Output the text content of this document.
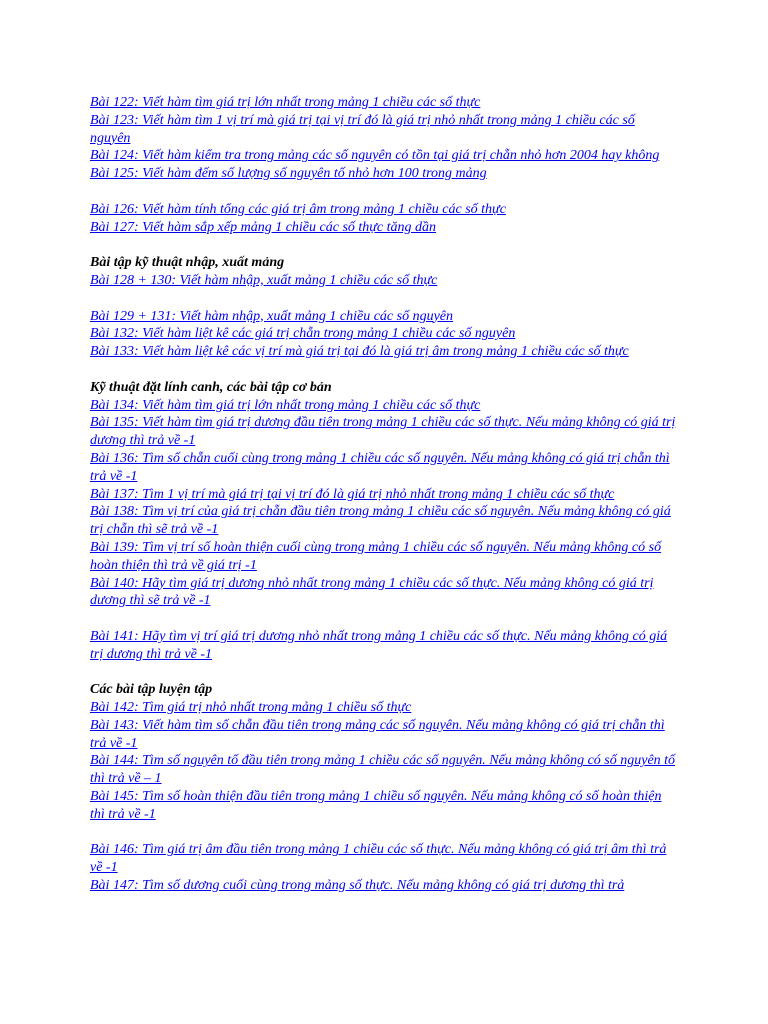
Bài 122: Viết hàm tìm giá trị lớn nhất trong mảng 1 chiều các số thực
Bài 123: Viết hàm tìm 1 vị trí mà giá trị tại vị trí đó là giá trị nhỏ nhất trong mảng 1 chiều các số nguyên
Bài 124: Viết hàm kiểm tra trong mảng các số nguyên có tồn tại giá trị chẵn nhỏ hơn 2004 hay không
Bài 125: Viết hàm đếm số lượng số nguyên tố nhỏ hơn 100 trong mảng
Bài 126: Viết hàm tính tổng các giá trị âm trong mảng 1 chiều các số thực
Bài 127: Viết hàm sắp xếp mảng 1 chiều các số thực tăng dần
Bài tập kỹ thuật nhập, xuất mảng
Bài 128 + 130: Viết hàm nhập, xuất mảng 1 chiều các số thực
Bài 129 + 131: Viết hàm nhập, xuất mảng 1 chiều các số nguyên
Bài 132: Viết hàm liệt kê các giá trị chẵn trong mảng 1 chiều các số nguyên
Bài 133: Viết hàm liệt kê các vị trí mà giá trị tại đó là giá trị âm trong mảng 1 chiều các số thực
Kỹ thuật đặt lính canh, các bài tập cơ bản
Bài 134: Viết hàm tìm giá trị lớn nhất trong mảng 1 chiều các số thực
Bài 135: Viết hàm tìm giá trị dương đầu tiên trong mảng 1 chiều các số thực. Nếu mảng không có giá trị dương thì trả về -1
Bài 136: Tìm số chẵn cuối cùng trong mảng 1 chiều các số nguyên. Nếu mảng không có giá trị chẵn thì trả về -1
Bài 137: Tìm 1 vị trí mà giá trị tại vị trí đó là giá trị nhỏ nhất trong mảng 1 chiều các số thực
Bài 138: Tìm vị trí của giá trị chẵn đầu tiên trong mảng 1 chiều các số nguyên. Nếu mảng không có giá trị chẵn thì sẽ trả về -1
Bài 139: Tìm vị trí số hoàn thiện cuối cùng trong mảng 1 chiều các số nguyên. Nếu mảng không có số hoàn thiện thì trả về giá trị -1
Bài 140: Hãy tìm giá trị dương nhỏ nhất trong mảng 1 chiều các số thực. Nếu mảng không có giá trị dương thì sẽ trả về -1
Bài 141: Hãy tìm vị trí giá trị dương nhỏ nhất trong mảng 1 chiều các số thực. Nếu mảng không có giá trị dương thì trả về -1
Các bài tập luyện tập
Bài 142: Tìm giá trị nhỏ nhất trong mảng 1 chiều số thực
Bài 143: Viết hàm tìm số chẵn đầu tiên trong mảng các số nguyên. Nếu mảng không có giá trị chẵn thì trả về -1
Bài 144: Tìm số nguyên tố đầu tiên trong mảng 1 chiều các số nguyên. Nếu mảng không có số nguyên tố thì trả về – 1
Bài 145: Tìm số hoàn thiện đầu tiên trong mảng 1 chiều số nguyên. Nếu mảng không có số hoàn thiện thì trả về -1
Bài 146: Tìm giá trị âm đầu tiên trong mảng 1 chiều các số thực. Nếu mảng không có giá trị âm thì trả về -1
Bài 147: Tìm số dương cuối cùng trong mảng số thực. Nếu mảng không có giá trị dương thì trả
